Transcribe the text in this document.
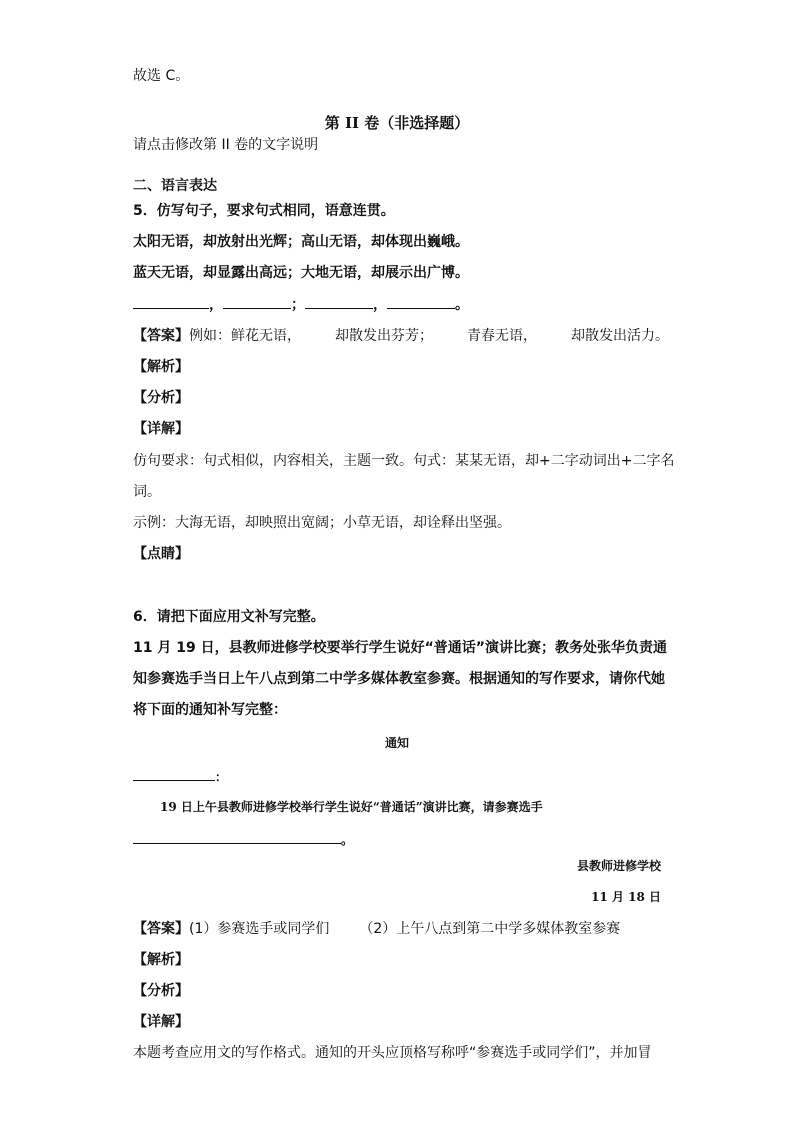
故选 C。
第 II 卷（非选择题）
请点击修改第 II 卷的文字说明
二、语言表达
5．仿写句子，要求句式相同，语意连贯。
太阳无语，却放射出光辉；高山无语，却体现出巍峨。
蓝天无语，却显露出高远；大地无语，却展示出广博。
，	；	，	。
【答案】例如：鲜花无语， 却散发出芬芳； 青春无语， 却散发出活力。
【解析】
【分析】
【详解】
仿句要求：句式相似，内容相关，主题一致。句式：某某无语，却+二字动词出+二字名
词。
示例：大海无语，却映照出宽阔；小草无语，却诠释出坚强。
【点睛】
6．请把下面应用文补写完整。
11 月 19 日，县教师进修学校要举行学生说好“普通话”演讲比赛；教务处张华负责通
知参赛选手当日上午八点到第二中学多媒体教室参赛。根据通知的写作要求，请你代她
将下面的通知补写完整：
通知
：
19 日上午县教师进修学校举行学生说好“普通话”演讲比赛，请参赛选手
。
县教师进修学校
11 月 18 日
【答案】(1）参赛选手或同学们 （2）上午八点到第二中学多媒体教室参赛
【解析】
【分析】
【详解】
本题考查应用文的写作格式。通知的开头应顶格写称呼“参赛选手或同学们”，并加冒
